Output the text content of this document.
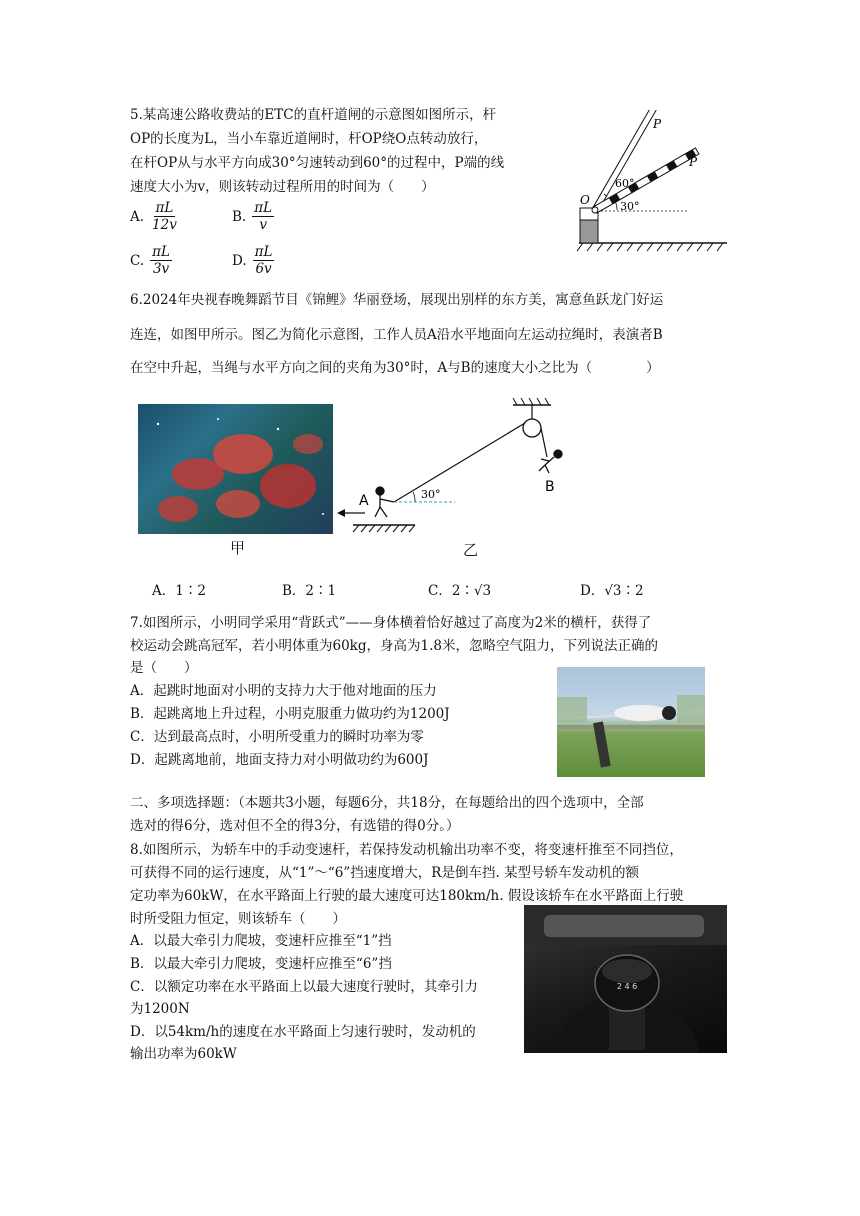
5.某高速公路收费站的ETC的直杆道闸的示意图如图所示，杆
OP的长度为L，当小车靠近道闸时，杆OP绕O点转动放行，
在杆OP从与水平方向成30°匀速转动到60°的过程中，P端的线
速度大小为v，则该转动过程所用的时间为（　　）
A. $\frac{\pi L}{12v}$	B. $\frac{\pi L}{v}$
C. $\frac{\pi L}{3v}$	D. $\frac{\pi L}{6v}$
30°
60°
O
P
P
6.2024年央视春晚舞蹈节目《锦鲤》华丽登场，展现出别样的东方美，寓意鱼跃龙门好运
连连，如图甲所示。图乙为简化示意图，工作人员A沿水平地面向左运动拉绳时，表演者B
在空中升起，当绳与水平方向之间的夹角为30°时，A与B的速度大小之比为（　　　　）
甲
B
A	30°
乙
A．1∶2	B．2∶1	C．2∶√3	D．√3∶2
7.如图所示，小明同学采用“背跃式”——身体横着恰好越过了高度为2米的横杆，获得了
校运动会跳高冠军，若小明体重为60kg，身高为1.8米，忽略空气阻力，下列说法正确的
是（　　）
A．起跳时地面对小明的支持力大于他对地面的压力
B．起跳离地上升过程，小明克服重力做功约为1200J
C．达到最高点时，小明所受重力的瞬时功率为零
D．起跳离地前，地面支持力对小明做功约为600J
二、多项选择题：（本题共3小题，每题6分，共18分，在每题给出的四个选项中，全部
选对的得6分，选对但不全的得3分，有选错的得0分。）
8.如图所示，为轿车中的手动变速杆，若保持发动机输出功率不变，将变速杆推至不同挡位，
可获得不同的运行速度，从“1”～“6”挡速度增大，R是倒车挡. 某型号轿车发动机的额
定功率为60kW，在水平路面上行驶的最大速度可达180km/h. 假设该轿车在水平路面上行驶
时所受阻力恒定，则该轿车（　　）
A．以最大牵引力爬坡，变速杆应推至“1”挡
B．以最大牵引力爬坡，变速杆应推至“6”挡
C．以额定功率在水平路面上以最大速度行驶时，其牵引力
为1200N
D．以54km/h的速度在水平路面上匀速行驶时，发动机的
输出功率为60kW
2 4 6
